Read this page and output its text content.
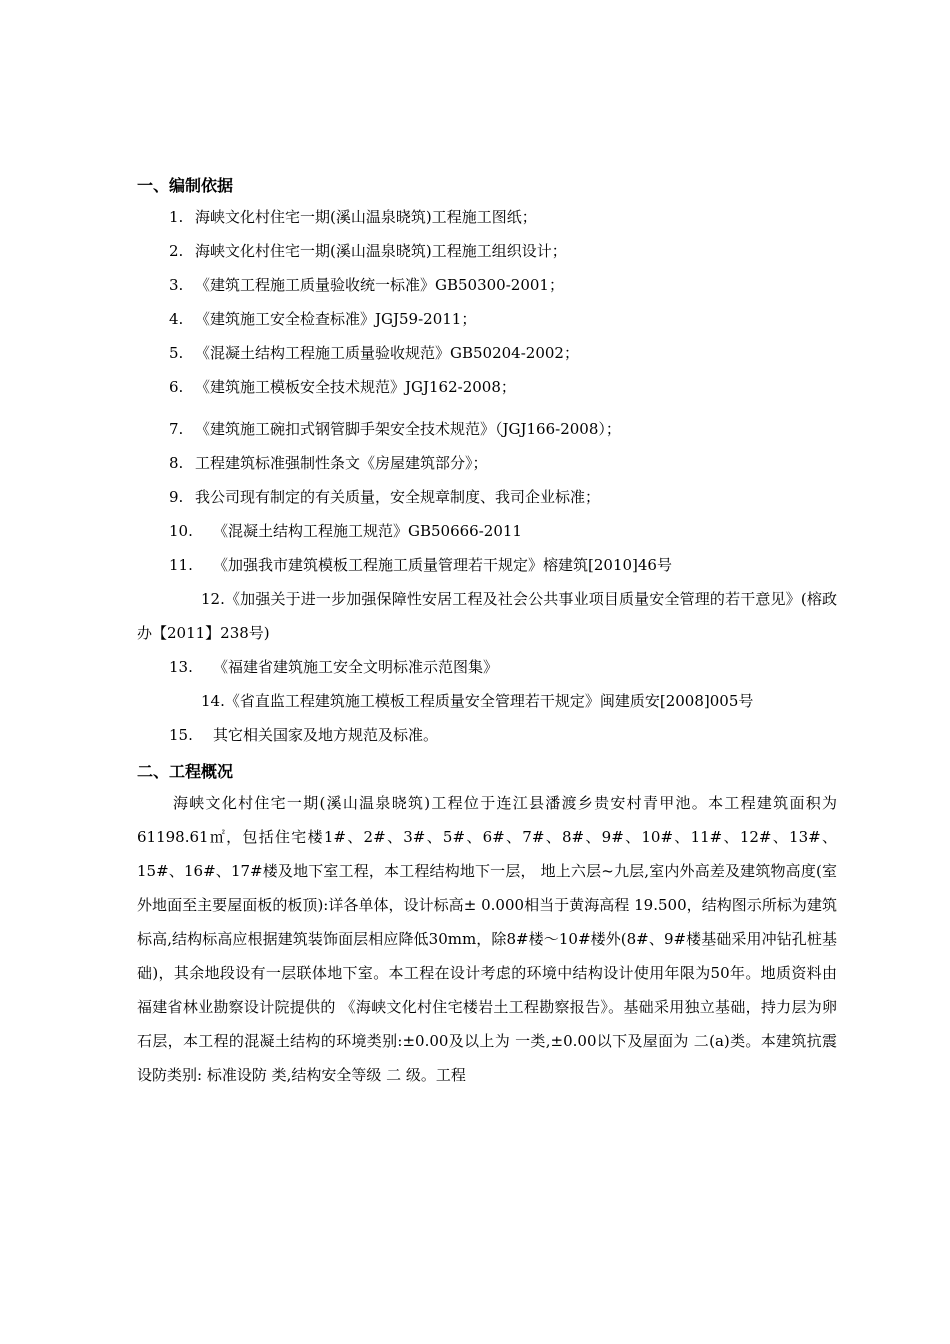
一、编制依据

1. 海峡文化村住宅一期(溪山温泉晓筑)工程施工图纸；

2. 海峡文化村住宅一期(溪山温泉晓筑)工程施工组织设计；

3. 《建筑工程施工质量验收统一标准》GB50300-2001；

4. 《建筑施工安全检查标准》JGJ59-2011；

5. 《混凝土结构工程施工质量验收规范》GB50204-2002；

6. 《建筑施工模板安全技术规范》JGJ162-2008；

7. 《建筑施工碗扣式钢管脚手架安全技术规范》（JGJ166-2008）；

8. 工程建筑标准强制性条文《房屋建筑部分》；

9. 我公司现有制定的有关质量，安全规章制度、我司企业标准；

10. 《混凝土结构工程施工规范》GB50666-2011

11. 《加强我市建筑模板工程施工质量管理若干规定》榕建筑[2010]46号

12.《加强关于进一步加强保障性安居工程及社会公共事业项目质量安全管理的若干意见》(榕政办【2011】238号)

13. 《福建省建筑施工安全文明标准示范图集》

14.《省直监工程建筑施工模板工程质量安全管理若干规定》闽建质安[2008]005号

15. 其它相关国家及地方规范及标准。

二、工程概况

海峡文化村住宅一期(溪山温泉晓筑)工程位于连江县潘渡乡贵安村青甲池。本工程建筑面积为61198.61㎡，包括住宅楼1#、2#、3#、5#、6#、7#、8#、9#、10#、11#、12#、13#、15#、16#、17#楼及地下室工程，本工程结构地下一层， 地上六层~九层,室内外高差及建筑物高度(室外地面至主要屋面板的板顶):详各单体，设计标高± 0.000相当于黄海高程 19.500，结构图示所标为建筑标高,结构标高应根据建筑装饰面层相应降低30mm，除8#楼～10#楼外(8#、9#楼基础采用冲钻孔桩基础)，其余地段设有一层联体地下室。本工程在设计考虑的环境中结构设计使用年限为50年。地质资料由 福建省林业勘察设计院提供的 《海峡文化村住宅楼岩土工程勘察报告》。基础采用独立基础，持力层为卵石层，本工程的混凝土结构的环境类别:±0.00及以上为 一类,±0.00以下及屋面为 二(a)类。本建筑抗震设防类别: 标准设防 类,结构安全等级 二 级。工程
